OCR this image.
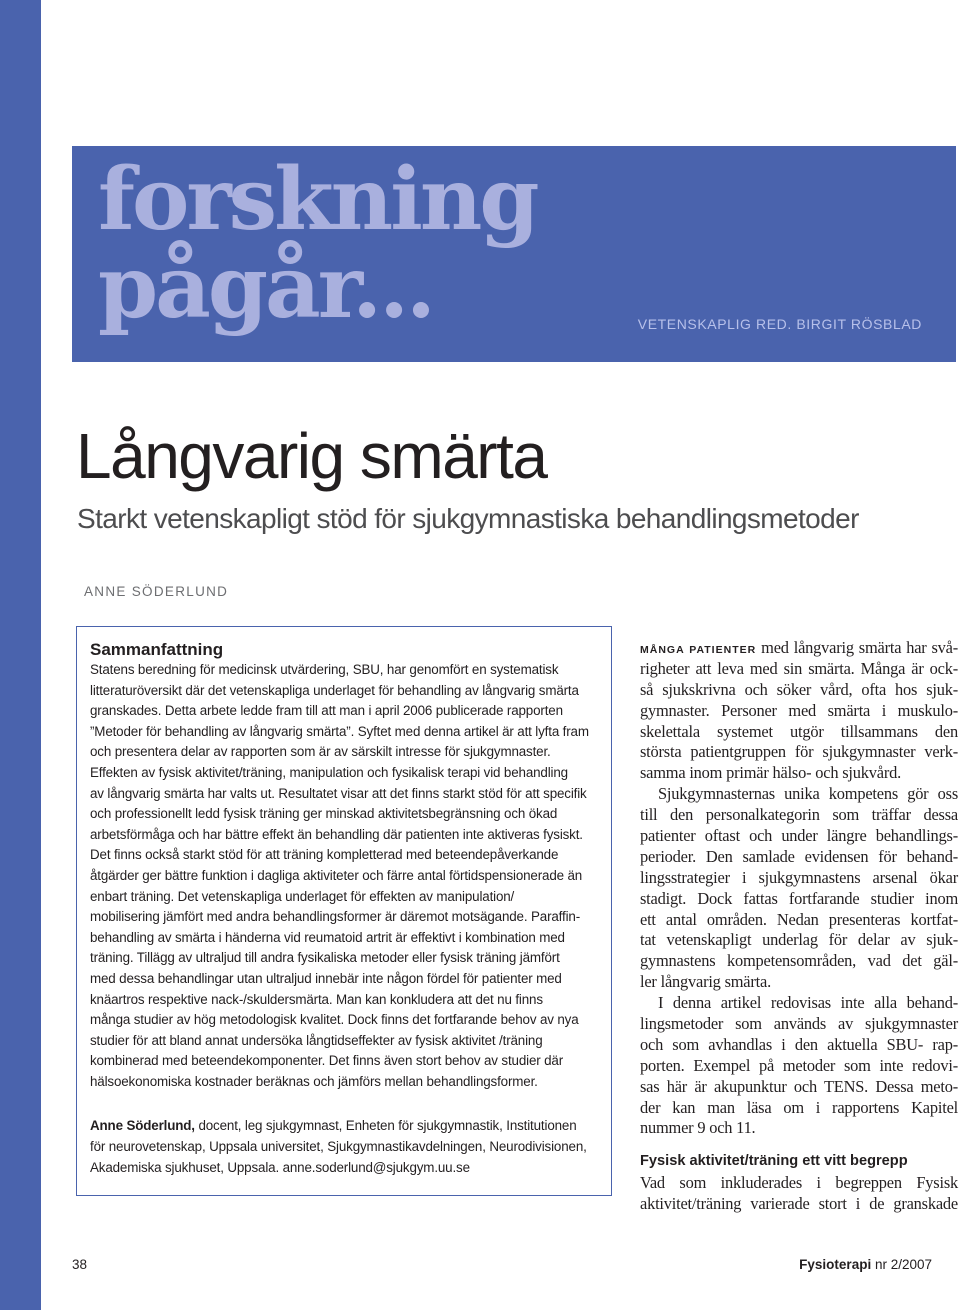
forskning
pågår...	VETENSKAPLIG RED. BIRGIT RÖSBLAD
Långvarig smärta
Starkt vetenskapligt stöd för sjukgymnastiska behandlingsmetoder
ANNE SÖDERLUND
Sammanfattning
Statens beredning för medicinsk utvärdering, SBU, har genomfört en systematisk
litteraturöversikt där det vetenskapliga underlaget för behandling av långvarig smärta
granskades. Detta arbete ledde fram till att man i april 2006 publicerade rapporten
”Metoder för behandling av långvarig smärta”. Syftet med denna artikel är att lyfta fram
och presentera delar av rapporten som är av särskilt intresse för sjukgymnaster.
Effekten av fysisk aktivitet/träning, manipulation och fysikalisk terapi vid behandling
av långvarig smärta har valts ut. Resultatet visar att det finns starkt stöd för att specifik
och professionellt ledd fysisk träning ger minskad aktivitetsbegränsning och ökad
arbetsförmåga och har bättre effekt än behandling där patienten inte aktiveras fysiskt.
Det finns också starkt stöd för att träning kompletterad med beteendepåverkande
åtgärder ger bättre funktion i dagliga aktiviteter och färre antal förtidspensionerade än
enbart träning. Det vetenskapliga underlaget för effekten av manipulation/
mobilisering jämfört med andra behandlingsformer är däremot motsägande. Paraffin-
behandling av smärta i händerna vid reumatoid artrit är effektivt i kombination med
träning. Tillägg av ultraljud till andra fysikaliska metoder eller fysisk träning jämfört
med dessa behandlingar utan ultraljud innebär inte någon fördel för patienter med
knäartros respektive nack-/skuldersmärta. Man kan konkludera att det nu finns
många studier av hög metodologisk kvalitet. Dock finns det fortfarande behov av nya
studier för att bland annat undersöka långtidseffekter av fysisk aktivitet /träning
kombinerad med beteendekomponenter. Det finns även stort behov av studier där
hälsoekonomiska kostnader beräknas och jämförs mellan behandlingsformer.
Anne Söderlund, docent, leg sjukgymnast, Enheten för sjukgymnastik, Institutionen
för neurovetenskap, Uppsala universitet, Sjukgymnastikavdelningen, Neurodivisionen,
Akademiska sjukhuset, Uppsala. anne.soderlund@sjukgym.uu.se
MÅNGA PATIENTER med långvarig smärta har svå-
righeter att leva med sin smärta. Många är ock-
så sjukskrivna och söker vård, ofta hos sjuk-
gymnaster. Personer med smärta i muskulo-
skelettala systemet utgör tillsammans den
största patientgruppen för sjukgymnaster verk-
samma inom primär hälso- och sjukvård.
Sjukgymnasternas unika kompetens gör oss
till den personalkategorin som träffar dessa
patienter oftast och under längre behandlings-
perioder. Den samlade evidensen för behand-
lingsstrategier i sjukgymnastens arsenal ökar
stadigt. Dock fattas fortfarande studier inom
ett antal områden. Nedan presenteras kortfat-
tat vetenskapligt underlag för delar av sjuk-
gymnastens kompetensområden, vad det gäl-
ler långvarig smärta.
I denna artikel redovisas inte alla behand-
lingsmetoder som används av sjukgymnaster
och som avhandlas i den aktuella SBU- rap-
porten. Exempel på metoder som inte redovi-
sas här är akupunktur och TENS. Dessa meto-
der kan man läsa om i rapportens Kapitel
nummer 9 och 11.
Fysisk aktivitet/träning ett vitt begrepp
Vad som inkluderades i begreppen Fysisk
aktivitet/träning varierade stort i de granskade
38	Fysioterapi nr 2/2007
